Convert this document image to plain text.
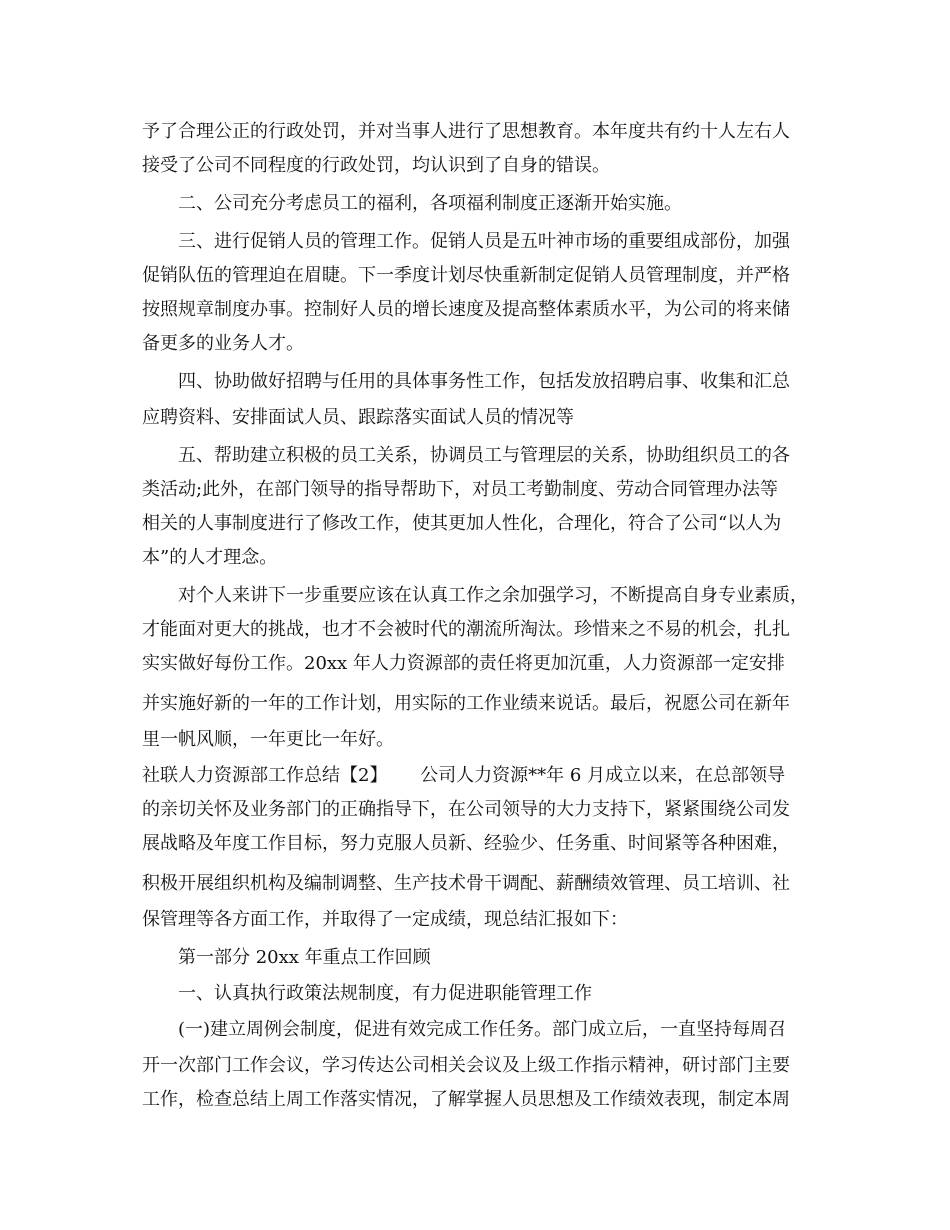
予了合理公正的行政处罚，并对当事人进行了思想教育。本年度共有约十人左右人
接受了公司不同程度的行政处罚，均认识到了自身的错误。
二、公司充分考虑员工的福利，各项福利制度正逐渐开始实施。
三、进行促销人员的管理工作。促销人员是五叶神市场的重要组成部份，加强
促销队伍的管理迫在眉睫。下一季度计划尽快重新制定促销人员管理制度，并严格
按照规章制度办事。控制好人员的增长速度及提高整体素质水平，为公司的将来储
备更多的业务人才。
四、协助做好招聘与任用的具体事务性工作，包括发放招聘启事、收集和汇总
应聘资料、安排面试人员、跟踪落实面试人员的情况等
五、帮助建立积极的员工关系，协调员工与管理层的关系，协助组织员工的各
类活动;此外，在部门领导的指导帮助下，对员工考勤制度、劳动合同管理办法等
相关的人事制度进行了修改工作，使其更加人性化，合理化，符合了公司“以人为
本”的人才理念。
对个人来讲下一步重要应该在认真工作之余加强学习，不断提高自身专业素质，
才能面对更大的挑战，也才不会被时代的潮流所淘汰。珍惜来之不易的机会，扎扎
实实做好每份工作。20xx 年人力资源部的责任将更加沉重，人力资源部一定安排
并实施好新的一年的工作计划，用实际的工作业绩来说话。最后，祝愿公司在新年
里一帆风顺，一年更比一年好。
社联人力资源部工作总结【2】　　 公司人力资源**年 6 月成立以来，在总部领导
的亲切关怀及业务部门的正确指导下，在公司领导的大力支持下，紧紧围绕公司发
展战略及年度工作目标，努力克服人员新、经验少、任务重、时间紧等各种困难，
积极开展组织机构及编制调整、生产技术骨干调配、薪酬绩效管理、员工培训、社
保管理等各方面工作，并取得了一定成绩，现总结汇报如下：
第一部分 20xx 年重点工作回顾
一、认真执行政策法规制度，有力促进职能管理工作
(一)建立周例会制度，促进有效完成工作任务。部门成立后，一直坚持每周召
开一次部门工作会议，学习传达公司相关会议及上级工作指示精神，研讨部门主要
工作，检查总结上周工作落实情况，了解掌握人员思想及工作绩效表现，制定本周
